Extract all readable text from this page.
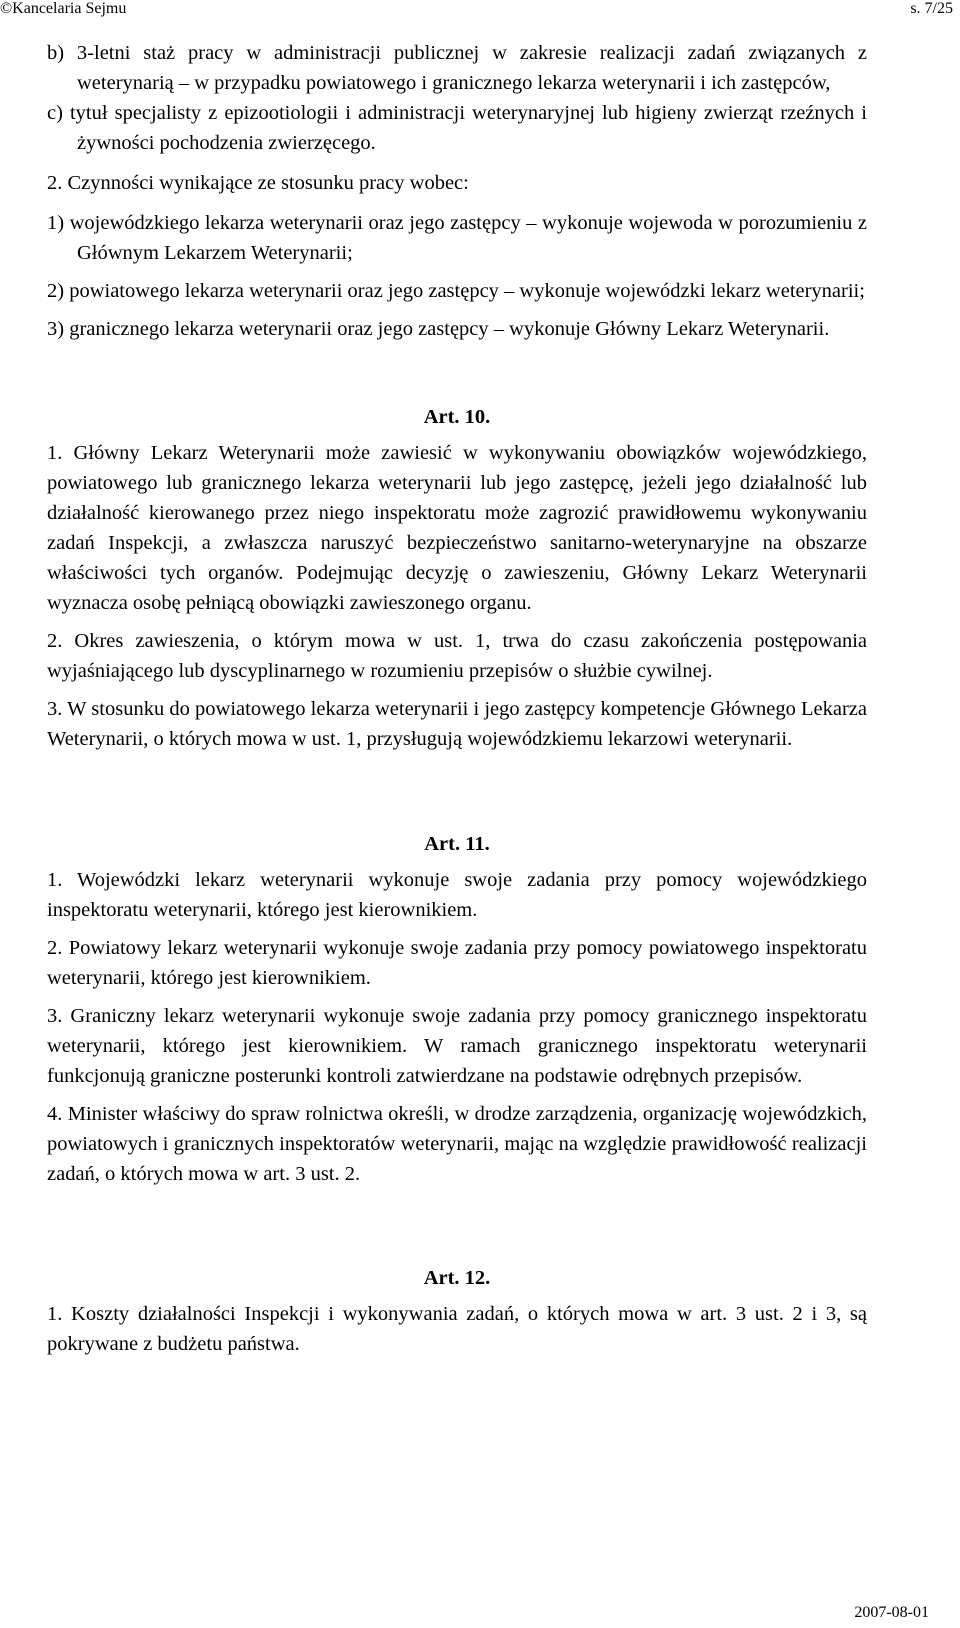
©Kancelaria Sejmu	s. 7/25

b) 3-letni staż pracy w administracji publicznej w zakresie realizacji zadań związanych z weterynarią – w przypadku powiatowego i granicznego lekarza weterynarii i ich zastępców,

c) tytuł specjalisty z epizootiologii i administracji weterynaryjnej lub higieny zwierząt rzeźnych i żywności pochodzenia zwierzęcego.

2. Czynności wynikające ze stosunku pracy wobec:

1) wojewódzkiego lekarza weterynarii oraz jego zastępcy – wykonuje wojewoda w porozumieniu z Głównym Lekarzem Weterynarii;

2) powiatowego lekarza weterynarii oraz jego zastępcy – wykonuje wojewódzki lekarz weterynarii;

3) granicznego lekarza weterynarii oraz jego zastępcy – wykonuje Główny Lekarz Weterynarii.

Art. 10.

1. Główny Lekarz Weterynarii może zawiesić w wykonywaniu obowiązków wojewódzkiego, powiatowego lub granicznego lekarza weterynarii lub jego zastępcę, jeżeli jego działalność lub działalność kierowanego przez niego inspektoratu może zagrozić prawidłowemu wykonywaniu zadań Inspekcji, a zwłaszcza naruszyć bezpieczeństwo sanitarno-weterynaryjne na obszarze właściwości tych organów. Podejmując decyzję o zawieszeniu, Główny Lekarz Weterynarii wyznacza osobę pełniącą obowiązki zawieszonego organu.

2. Okres zawieszenia, o którym mowa w ust. 1, trwa do czasu zakończenia postępowania wyjaśniającego lub dyscyplinarnego w rozumieniu przepisów o służbie cywilnej.

3. W stosunku do powiatowego lekarza weterynarii i jego zastępcy kompetencje Głównego Lekarza Weterynarii, o których mowa w ust. 1, przysługują wojewódzkiemu lekarzowi weterynarii.

Art. 11.

1. Wojewódzki lekarz weterynarii wykonuje swoje zadania przy pomocy wojewódzkiego inspektoratu weterynarii, którego jest kierownikiem.

2. Powiatowy lekarz weterynarii wykonuje swoje zadania przy pomocy powiatowego inspektoratu weterynarii, którego jest kierownikiem.

3. Graniczny lekarz weterynarii wykonuje swoje zadania przy pomocy granicznego inspektoratu weterynarii, którego jest kierownikiem. W ramach granicznego inspektoratu weterynarii funkcjonują graniczne posterunki kontroli zatwierdzane na podstawie odrębnych przepisów.

4. Minister właściwy do spraw rolnictwa określi, w drodze zarządzenia, organizację wojewódzkich, powiatowych i granicznych inspektoratów weterynarii, mając na względzie prawidłowość realizacji zadań, o których mowa w art. 3 ust. 2.

Art. 12.

1. Koszty działalności Inspekcji i wykonywania zadań, o których mowa w art. 3 ust. 2 i 3, są pokrywane z budżetu państwa.

2007-08-01
